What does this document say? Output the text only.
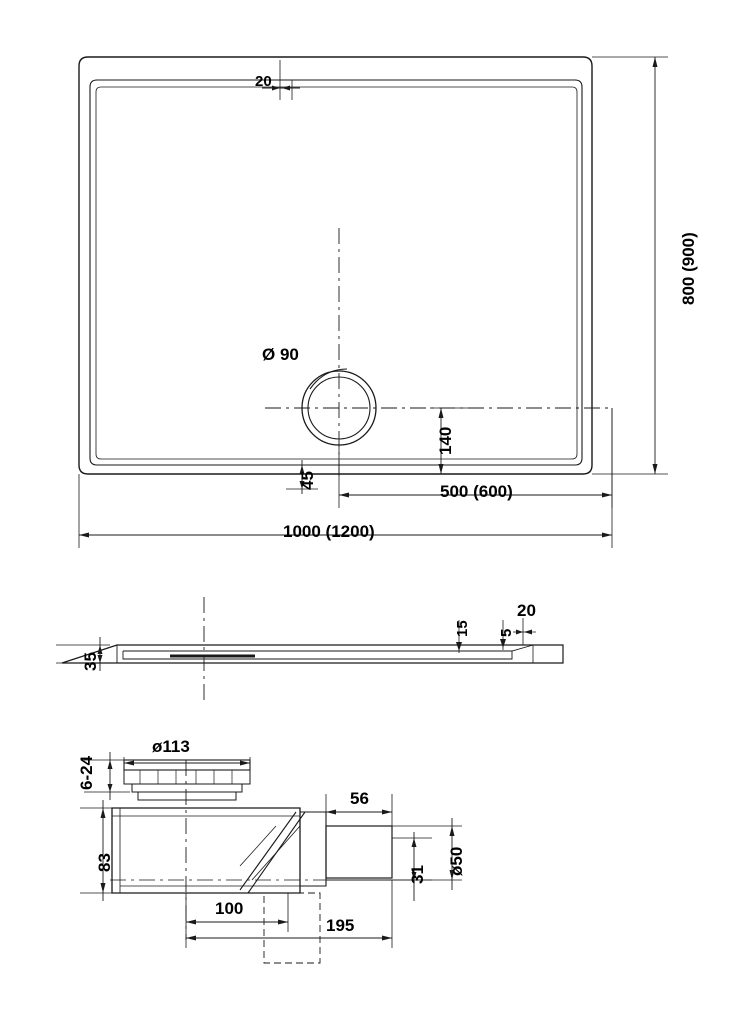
20
800 (900)
Ø 90
140
45
500 (600)
1000 (1200)
35
15 5
20
6-24
ø113
83
56
31 ø50
100
195
